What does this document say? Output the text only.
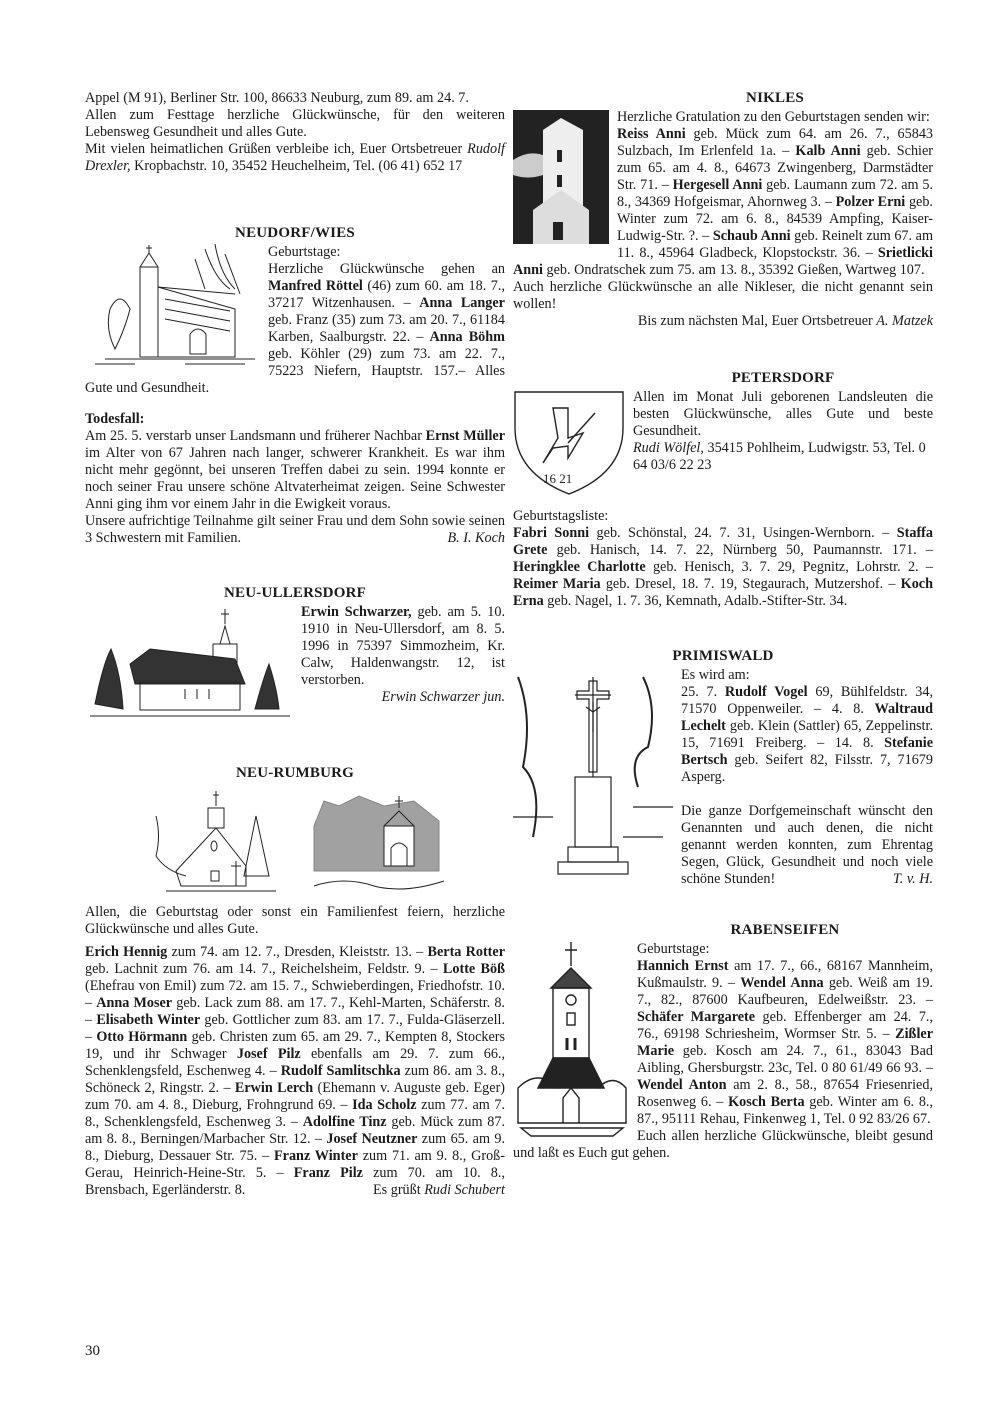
Appel (M 91), Berliner Str. 100, 86633 Neuburg, zum 89. am 24. 7.

Allen zum Festtage herzliche Glückwünsche, für den weiteren Lebensweg Gesundheit und alles Gute.

Mit vielen heimatlichen Grüßen verbleibe ich, Euer Ortsbetreuer Rudolf Drexler, Kropbachstr. 10, 35452 Heuchelheim, Tel. (06 41) 652 17

NEUDORF/WIES

Geburtstage:

Herzliche Glückwünsche gehen an Manfred Röttel (46) zum 60. am 18. 7., 37217 Witzenhausen. – Anna Langer geb. Franz (35) zum 73. am 20. 7., 61184 Karben, Saalburgstr. 22. – Anna Böhm geb. Köhler (29) zum 73. am 22. 7., 75223 Niefern, Hauptstr. 157.– Alles Gute und Gesundheit.

Todesfall:

Am 25. 5. verstarb unser Landsmann und früherer Nachbar Ernst Müller im Alter von 67 Jahren nach langer, schwerer Krankheit. Es war ihm nicht mehr gegönnt, bei unseren Treffen dabei zu sein. 1994 konnte er noch seiner Frau unsere schöne Altvaterheimat zeigen. Seine Schwester Anni ging ihm vor einem Jahr in die Ewigkeit voraus.

Unsere aufrichtige Teilnahme gilt seiner Frau und dem Sohn sowie seinen 3 Schwestern mit Familien.	B. I. Koch

NEU-ULLERSDORF

Erwin Schwarzer, geb. am 5. 10. 1910 in Neu-Ullersdorf, am 8. 5. 1996 in 75397 Simmozheim, Kr. Calw, Haldenwangstr. 12, ist verstorben.

Erwin Schwarzer jun.

NEU-RUMBURG

Allen, die Geburtstag oder sonst ein Familienfest feiern, herzliche Glückwünsche und alles Gute.

Erich Hennig zum 74. am 12. 7., Dresden, Kleiststr. 13. – Berta Rotter geb. Lachnit zum 76. am 14. 7., Reichelsheim, Feldstr. 9. – Lotte Böß (Ehefrau von Emil) zum 72. am 15. 7., Schwieberdingen, Friedhofstr. 10. – Anna Moser geb. Lack zum 88. am 17. 7., Kehl-Marten, Schäferstr. 8. – Elisabeth Winter geb. Gottlicher zum 83. am 17. 7., Fulda-Gläserzell. – Otto Hörmann geb. Christen zum 65. am 29. 7., Kempten 8, Stockers 19, und ihr Schwager Josef Pilz ebenfalls am 29. 7. zum 66., Schenklengsfeld, Eschenweg 4. – Rudolf Samlitschka zum 86. am 3. 8., Schöneck 2, Ringstr. 2. – Erwin Lerch (Ehemann v. Auguste geb. Eger) zum 70. am 4. 8., Dieburg, Frohngrund 69. – Ida Scholz zum 77. am 7. 8., Schenklengsfeld, Eschenweg 3. – Adolfine Tinz geb. Mück zum 87. am 8. 8., Berningen/Marbacher Str. 12. – Josef Neutzner zum 65. am 9. 8., Dieburg, Dessauer Str. 75. – Franz Winter zum 71. am 9. 8., Groß-Gerau, Heinrich-Heine-Str. 5. – Franz Pilz zum 70. am 10. 8., Brensbach, Egerländerstr. 8.	Es grüßt Rudi Schubert

NIKLES

Herzliche Gratulation zu den Geburtstagen senden wir:

Reiss Anni geb. Mück zum 64. am 26. 7., 65843 Sulzbach, Im Erlenfeld 1a. – Kalb Anni geb. Schier zum 65. am 4. 8., 64673 Zwingenberg, Darmstädter Str. 71. – Hergesell Anni geb. Laumann zum 72. am 5. 8., 34369 Hofgeismar, Ahornweg 3. – Polzer Erni geb. Winter zum 72. am 6. 8., 84539 Ampfing, Kaiser-Ludwig-Str. ?. – Schaub Anni geb. Reinelt zum 67. am 11. 8., 45964 Gladbeck, Klopstockstr. 36. – Srietlicki Anni geb. Ondratschek zum 75. am 13. 8., 35392 Gießen, Wartweg 107.

Auch herzliche Glückwünsche an alle Nikleser, die nicht genannt sein wollen!

Bis zum nächsten Mal, Euer Ortsbetreuer A. Matzek

16 21
PETERSDORF

Allen im Monat Juli geborenen Landsleuten die besten Glückwünsche, alles Gute und beste Gesundheit.

Rudi Wölfel, 35415 Pohlheim, Ludwigstr. 53, Tel. 0 64 03/6 22 23

Geburtstagsliste:

Fabri Sonni geb. Schönstal, 24. 7. 31, Usingen-Wernborn. – Staffa Grete geb. Hanisch, 14. 7. 22, Nürnberg 50, Paumannstr. 171. – Heringklee Charlotte geb. Henisch, 3. 7. 29, Pegnitz, Lohrstr. 2. – Reimer Maria geb. Dresel, 18. 7. 19, Stegaurach, Mutzershof. – Koch Erna geb. Nagel, 1. 7. 36, Kemnath, Adalb.-Stifter-Str. 34.

PRIMISWALD

Es wird am:

25. 7. Rudolf Vogel 69, Bühlfeldstr. 34, 71570 Oppenweiler. – 4. 8. Waltraud Lechelt geb. Klein (Sattler) 65, Zeppelinstr. 15, 71691 Freiberg. – 14. 8. Stefanie Bertsch geb. Seifert 82, Filsstr. 7, 71679 Asperg.

Die ganze Dorfgemeinschaft wünscht den Genannten und auch denen, die nicht genannt werden konnten, zum Ehrentag Segen, Glück, Gesundheit und noch viele schöne Stunden!	T. v. H.

RABENSEIFEN

Geburtstage:

Hannich Ernst am 17. 7., 66., 68167 Mannheim, Kußmaulstr. 9. – Wendel Anna geb. Weiß am 19. 7., 82., 87600 Kaufbeuren, Edelweißstr. 23. – Schäfer Margarete geb. Effenberger am 24. 7., 76., 69198 Schriesheim, Wormser Str. 5. – Zißler Marie geb. Kosch am 24. 7., 61., 83043 Bad Aibling, Ghersburgstr. 23c, Tel. 0 80 61/49 66 93. – Wendel Anton am 2. 8., 58., 87654 Friesenried, Rosenweg 6. – Kosch Berta geb. Winter am 6. 8., 87., 95111 Rehau, Finkenweg 1, Tel. 0 92 83/26 67.

Euch allen herzliche Glückwünsche, bleibt gesund und laßt es Euch gut gehen.

30
